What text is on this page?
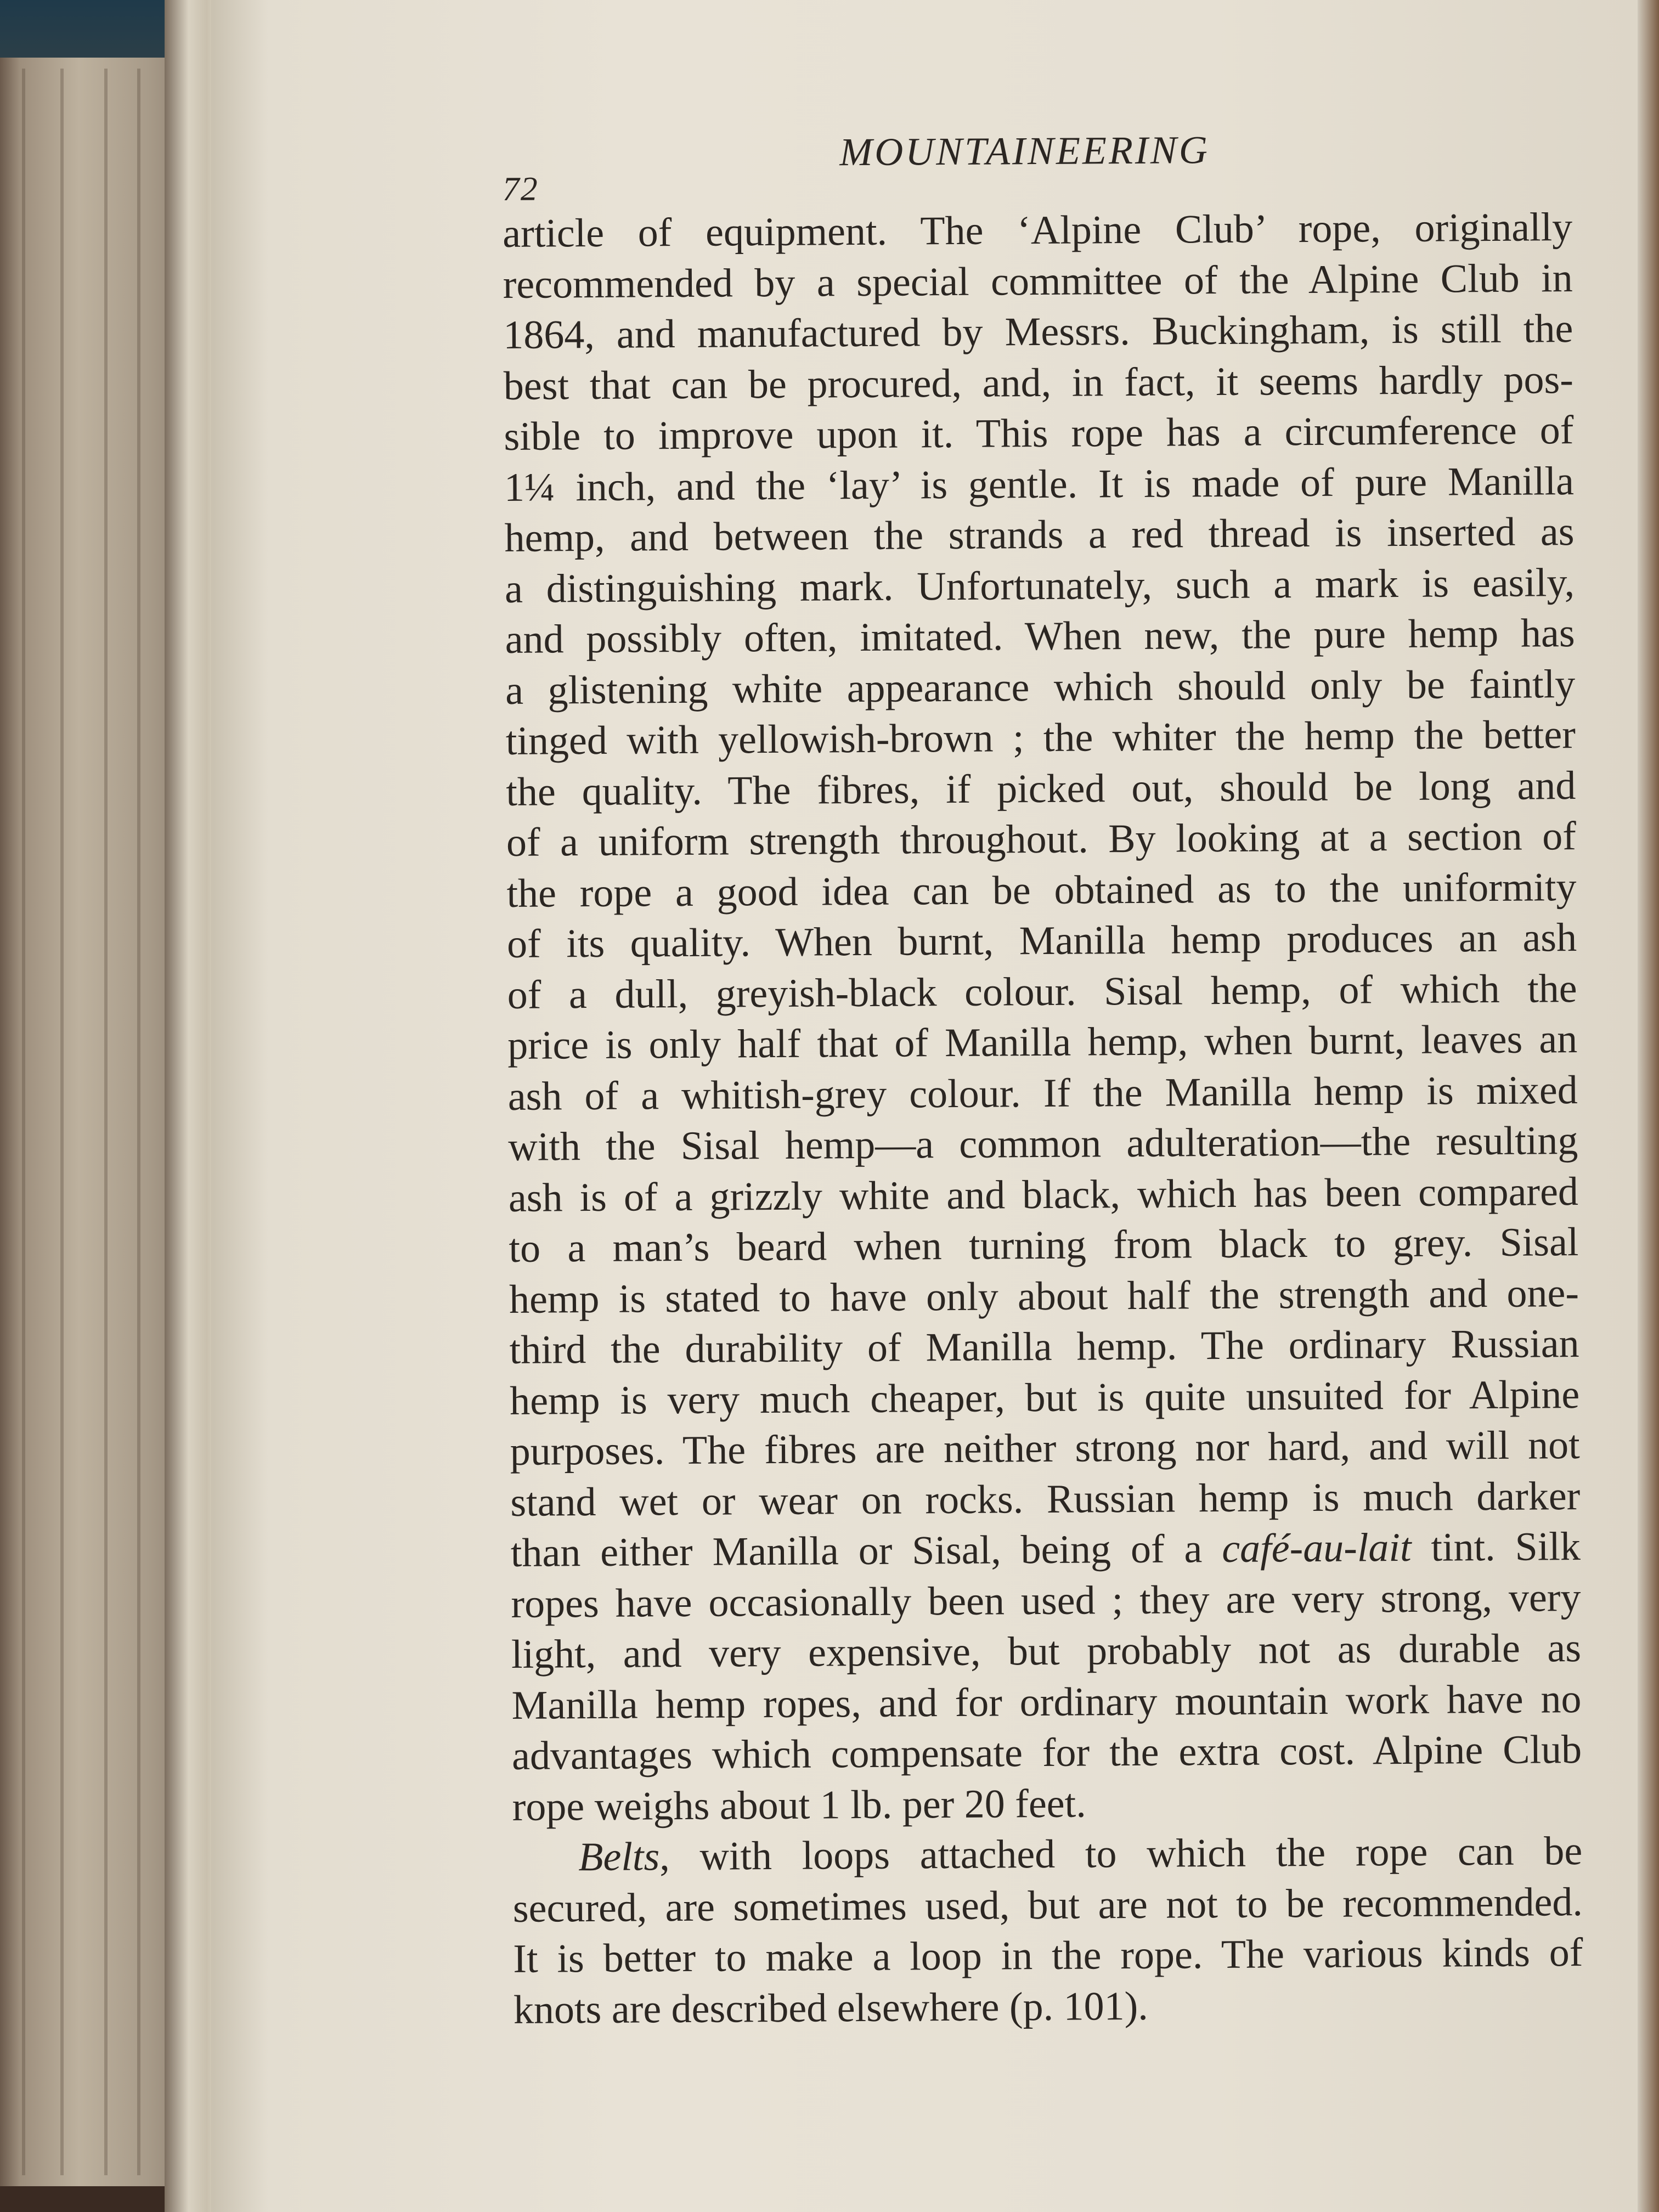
72
MOUNTAINEERING

article of equipment. The ‘Alpine Club’ rope, originally
recommended by a special committee of the Alpine Club in
1864, and manufactured by Messrs. Buckingham, is still the
best that can be procured, and, in fact, it seems hardly pos-
sible to improve upon it. This rope has a circumference of
1¼ inch, and the ‘lay’ is gentle. It is made of pure Manilla
hemp, and between the strands a red thread is inserted as
a distinguishing mark. Unfortunately, such a mark is easily,
and possibly often, imitated. When new, the pure hemp has
a glistening white appearance which should only be faintly
tinged with yellowish-brown ; the whiter the hemp the better
the quality. The fibres, if picked out, should be long and
of a uniform strength throughout. By looking at a section of
the rope a good idea can be obtained as to the uniformity
of its quality. When burnt, Manilla hemp produces an ash
of a dull, greyish-black colour. Sisal hemp, of which the
price is only half that of Manilla hemp, when burnt, leaves an
ash of a whitish-grey colour. If the Manilla hemp is mixed
with the Sisal hemp—a common adulteration—the resulting
ash is of a grizzly white and black, which has been compared
to a man’s beard when turning from black to grey. Sisal
hemp is stated to have only about half the strength and one-
third the durability of Manilla hemp. The ordinary Russian
hemp is very much cheaper, but is quite unsuited for Alpine
purposes. The fibres are neither strong nor hard, and will not
stand wet or wear on rocks. Russian hemp is much darker
than either Manilla or Sisal, being of a café-au-lait tint. Silk
ropes have occasionally been used ; they are very strong, very
light, and very expensive, but probably not as durable as
Manilla hemp ropes, and for ordinary mountain work have no
advantages which compensate for the extra cost. Alpine Club
rope weighs about 1 lb. per 20 feet.

Belts, with loops attached to which the rope can be
secured, are sometimes used, but are not to be recommended.
It is better to make a loop in the rope. The various kinds of
knots are described elsewhere (p. 101).
